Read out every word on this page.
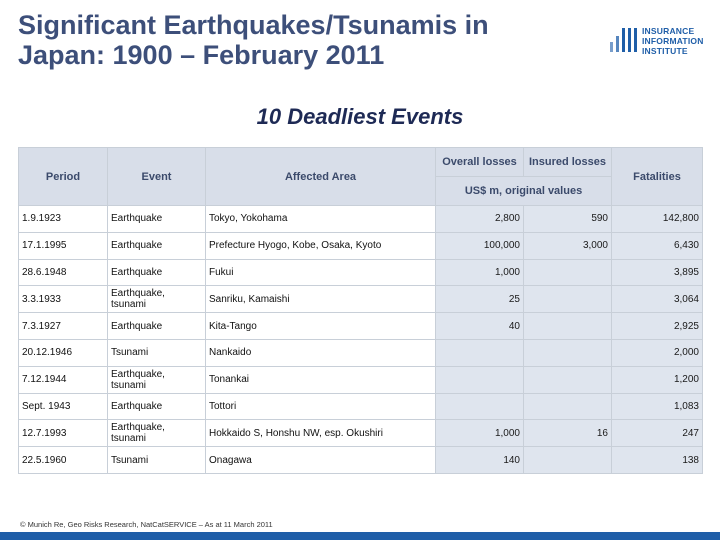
Significant Earthquakes/Tsunamis in Japan: 1900 – February 2011
INSURANCE
INFORMATION
INSTITUTE
10 Deadliest Events
Period	Event	Affected Area	Overall losses	Insured losses	Fatalities
			US$ m, original values		
1.9.1923	Earthquake	Tokyo, Yokohama	2,800	590	142,800
17.1.1995	Earthquake	Prefecture Hyogo, Kobe, Osaka, Kyoto	100,000	3,000	6,430
28.6.1948	Earthquake	Fukui	1,000		3,895
3.3.1933	Earthquake, tsunami	Sanriku, Kamaishi	25		3,064
7.3.1927	Earthquake	Kita-Tango	40		2,925
20.12.1946	Tsunami	Nankaido			2,000
7.12.1944	Earthquake, tsunami	Tonankai			1,200
Sept. 1943	Earthquake	Tottori			1,083
12.7.1993	Earthquake, tsunami	Hokkaido S, Honshu NW, esp. Okushiri	1,000	16	247
22.5.1960	Tsunami	Onagawa	140		138
© Munich Re, Geo Risks Research, NatCatSERVICE – As at 11 March 2011
